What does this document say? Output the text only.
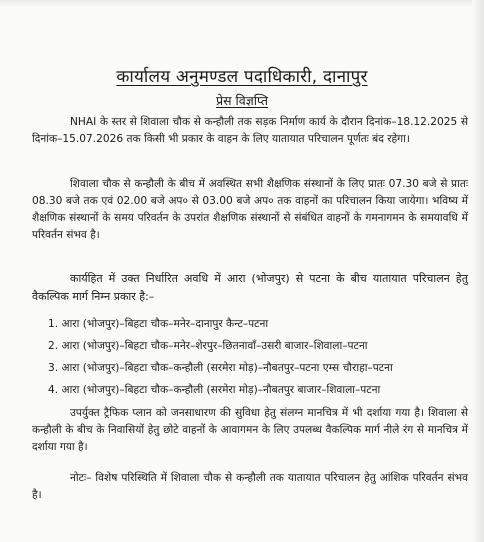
कार्यालय अनुमण्डल पदाधिकारी, दानापुर
प्रेस विज्ञप्ति

NHAI के स्तर से शिवाला चौक से कन्हौली तक सड़क निर्माण कार्य के दौरान दिनांक–18.12.2025 से दिनांक–15.07.2026 तक किसी भी प्रकार के वाहन के लिए यातायात परिचालन पूर्णतः बंद रहेगा।

शिवाला चौक से कन्हौली के बीच में अवस्थित सभी शैक्षणिक संस्थानों के लिए प्रातः 07.30 बजे से प्रातः 08.30 बजे तक एवं 02.00 बजे अप० से 03.00 बजे अप० तक वाहनों का परिचालन किया जायेगा। भविष्य में शैक्षणिक संस्थानों के समय परिवर्तन के उपरांत शैक्षणिक संस्थानों से संबंधित वाहनों के गमनागमन के समयावधि में परिवर्तन संभव है।

कार्यहित में उक्त निर्धारित अवधि में आरा (भोजपुर) से पटना के बीच यातायात परिचालन हेतु वैकल्पिक मार्ग निम्न प्रकार है:–

1. आरा (भोजपुर)–बिहटा चौक–मनेर–दानापुर कैन्ट–पटना
2. आरा (भोजपुर)–बिहटा चौक–मनेर–शेरपुर–छितनावाँ–उसरी बाजार–शिवाला–पटना
3. आरा (भोजपुर)–बिहटा चौक–कन्हौली (सरमेरा मोड़)–नौबतपुर–पटना एम्स चौराहा–पटना
4. आरा (भोजपुर)–बिहटा चौक–कन्हौली (सरमेरा मोड़)–नौबतपुर बाजार–शिवाला–पटना

उपर्युक्त ट्रैफिक प्लान को जनसाधारण की सुविधा हेतु संलग्न मानचित्र में भी दर्शाया गया है। शिवाला से कन्हौली के बीच के निवासियों हेतु छोटे वाहनों के आवागमन के लिए उपलब्ध वैकल्पिक मार्ग नीले रंग से मानचित्र में दर्शाया गया है।

नोटः– विशेष परिस्थिति में शिवाला चौक से कन्हौली तक यातायात परिचालन हेतु आंशिक परिवर्तन संभव है।
